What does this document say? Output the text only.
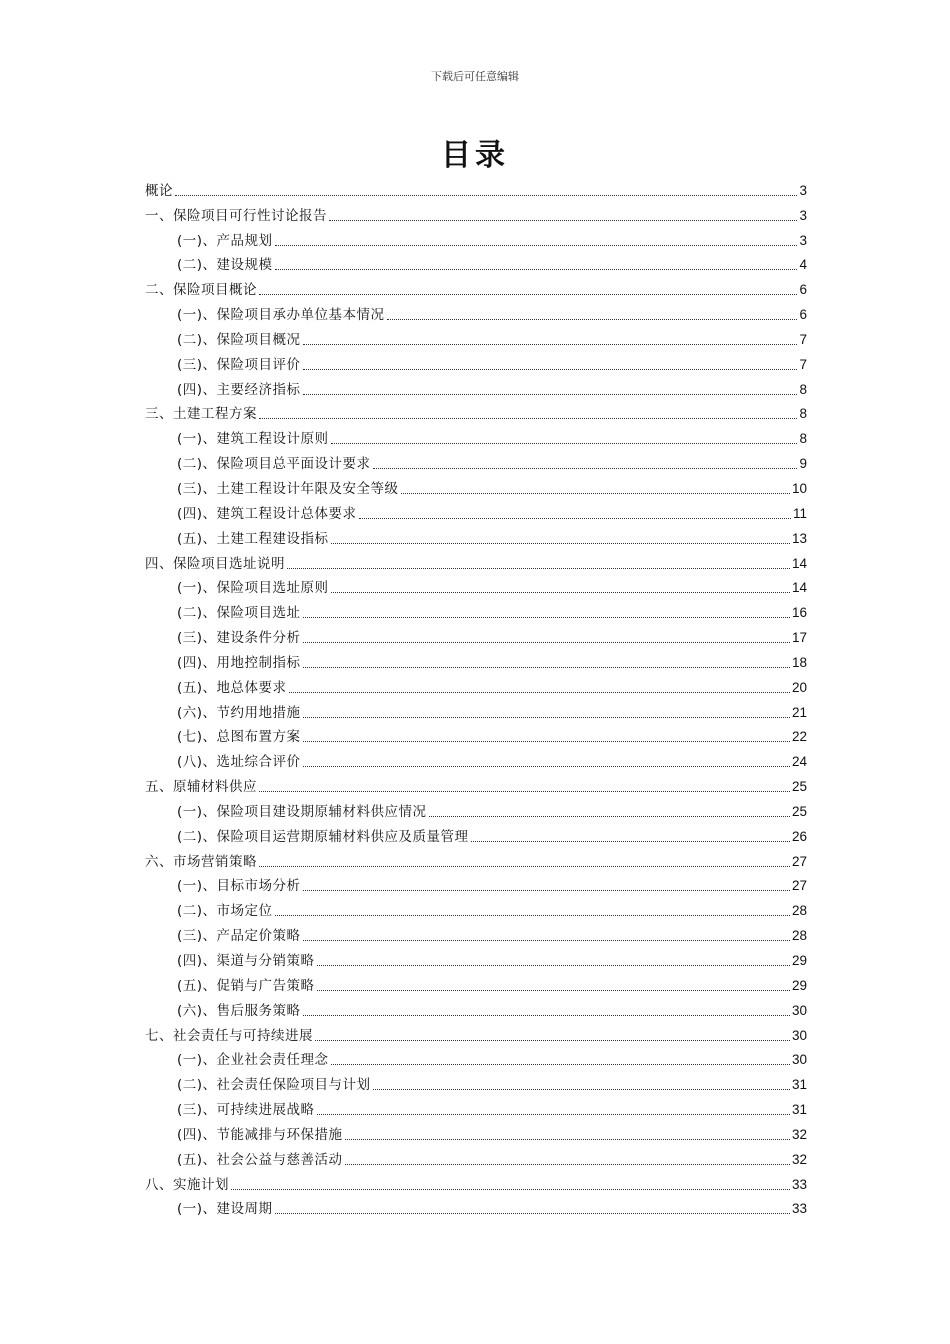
下载后可任意编辑
目录
概论	3
一、保险项目可行性讨论报告	3
(一)、产品规划	3
(二)、建设规模	4
二、保险项目概论	6
(一)、保险项目承办单位基本情况	6
(二)、保险项目概况	7
(三)、保险项目评价	7
(四)、主要经济指标	8
三、土建工程方案	8
(一)、建筑工程设计原则	8
(二)、保险项目总平面设计要求	9
(三)、土建工程设计年限及安全等级	10
(四)、建筑工程设计总体要求	11
(五)、土建工程建设指标	13
四、保险项目选址说明	14
(一)、保险项目选址原则	14
(二)、保险项目选址	16
(三)、建设条件分析	17
(四)、用地控制指标	18
(五)、地总体要求	20
(六)、节约用地措施	21
(七)、总图布置方案	22
(八)、选址综合评价	24
五、原辅材料供应	25
(一)、保险项目建设期原辅材料供应情况	25
(二)、保险项目运营期原辅材料供应及质量管理	26
六、市场营销策略	27
(一)、目标市场分析	27
(二)、市场定位	28
(三)、产品定价策略	28
(四)、渠道与分销策略	29
(五)、促销与广告策略	29
(六)、售后服务策略	30
七、社会责任与可持续进展	30
(一)、企业社会责任理念	30
(二)、社会责任保险项目与计划	31
(三)、可持续进展战略	31
(四)、节能减排与环保措施	32
(五)、社会公益与慈善活动	32
八、实施计划	33
(一)、建设周期	33
